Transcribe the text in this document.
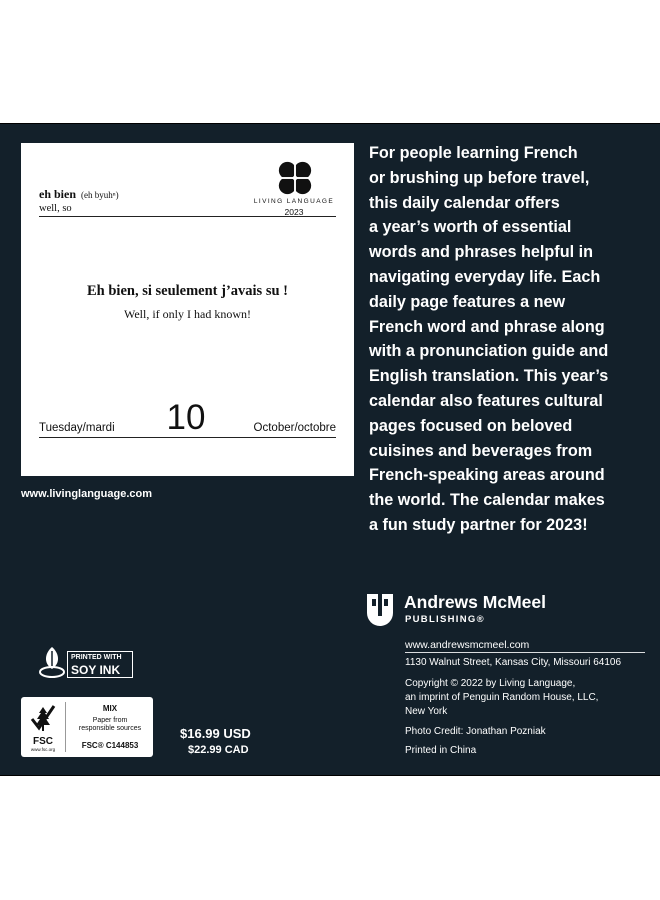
eh bien (eh byuhⁿ)
well, so
LIVING LANGUAGE
2023
Eh bien, si seulement j’avais su !
Well, if only I had known!
Tuesday/mardi 10	October/octobre
www.livinglanguage.com
For people learning French
or brushing up before travel,
this daily calendar offers
a year’s worth of essential
words and phrases helpful in
navigating everyday life. Each
daily page features a new
French word and phrase along
with a pronunciation guide and
English translation. This year’s
calendar also features cultural
pages focused on beloved
cuisines and beverages from
French-speaking areas around
the world. The calendar makes
a fun study partner for 2023!
Andrews McMeel
PUBLISHING®
www.andrewsmcmeel.com
1130 Walnut Street, Kansas City, Missouri 64106
Copyright © 2022 by Living Language,
an imprint of Penguin Random House, LLC,
New York
Photo Credit: Jonathan Pozniak
Printed in China
PRINTED WITH
SOY INK
FSC
www.fsc.org
MIX
Paper from
responsible sources
FSC® C144853
$16.99 USD
$22.99 CAD
